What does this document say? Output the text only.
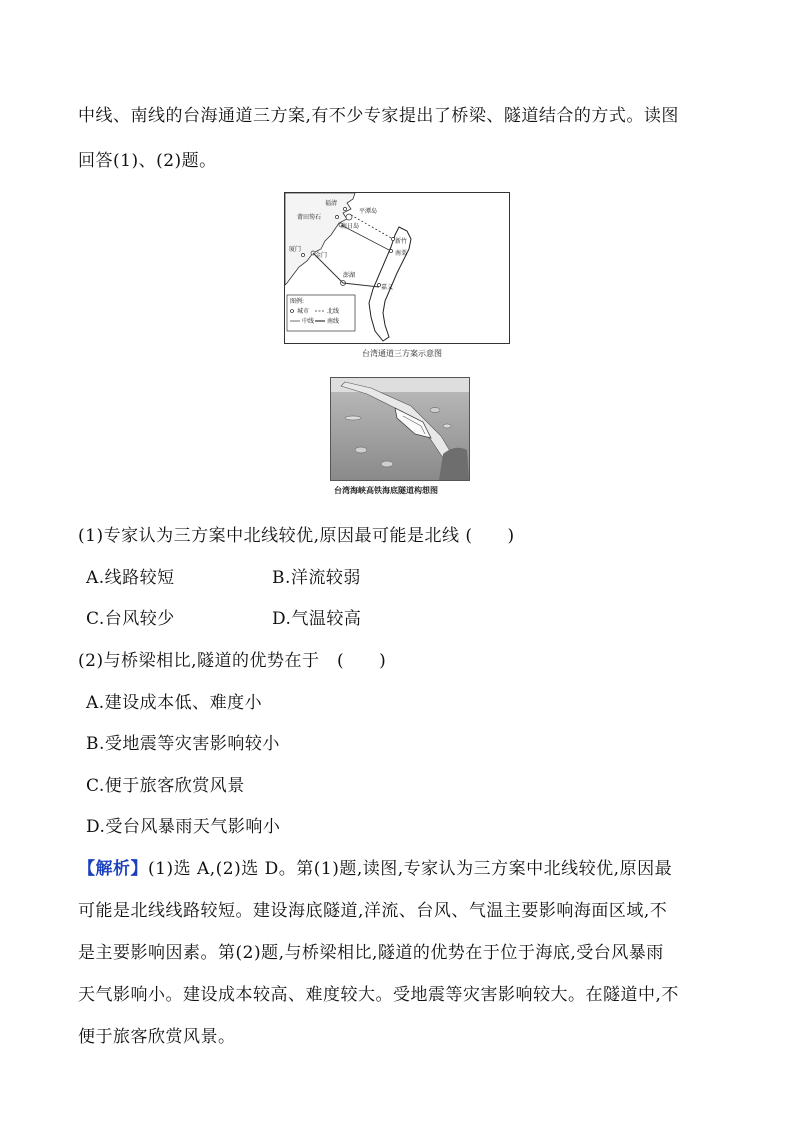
中线、南线的台海通道三方案,有不少专家提出了桥梁、隧道结合的方式。读图
回答(1)、(2)题。
福清
平潭岛
莆田笏石
南日岛
厦门
金门
新竹
南栗
澎湖
嘉义
图例:
城市	北线
中线 南线
台湾通道三方案示意图
台湾海峡高铁海底隧道构想图
(1)专家认为三方案中北线较优,原因最可能是北线 (　　)
A.线路较短	B.洋流较弱
C.台风较少	D.气温较高
(2)与桥梁相比,隧道的优势在于　(　　)
A.建设成本低、难度小
B.受地震等灾害影响较小
C.便于旅客欣赏风景
D.受台风暴雨天气影响小
【解析】(1)选 A,(2)选 D。第(1)题,读图,专家认为三方案中北线较优,原因最
可能是北线线路较短。建设海底隧道,洋流、台风、气温主要影响海面区域,不
是主要影响因素。第(2)题,与桥梁相比,隧道的优势在于位于海底,受台风暴雨
天气影响小。建设成本较高、难度较大。受地震等灾害影响较大。在隧道中,不
便于旅客欣赏风景。
